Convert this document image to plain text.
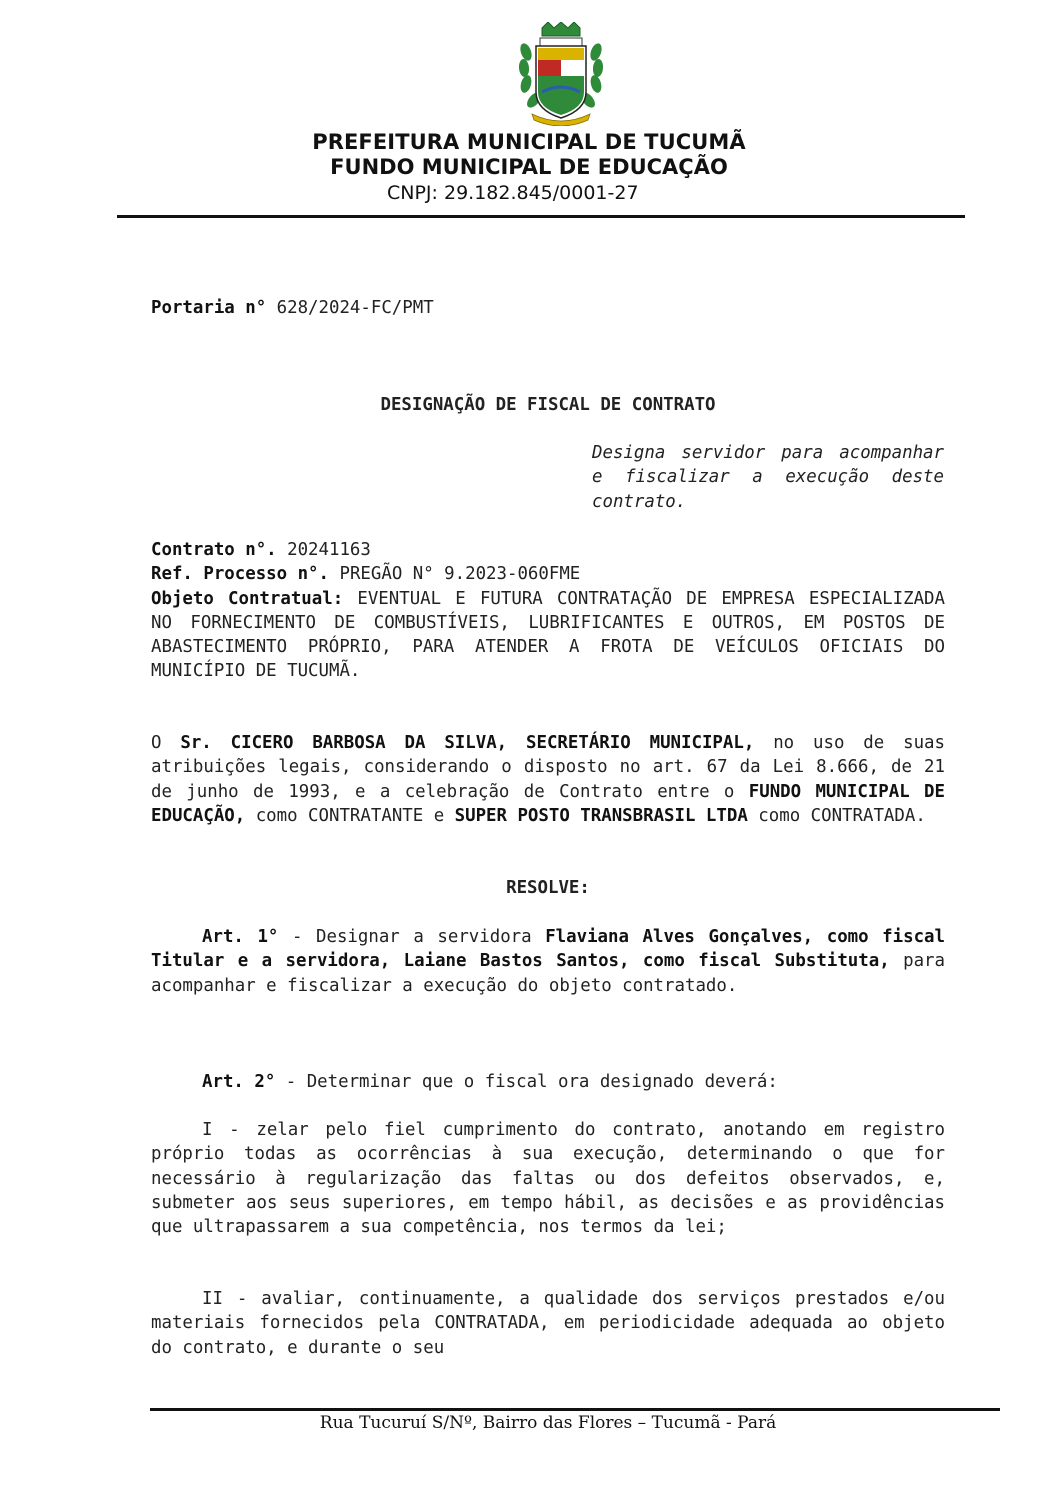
PREFEITURA MUNICIPAL DE TUCUMÃ
FUNDO MUNICIPAL DE EDUCAÇÃO
CNPJ: 29.182.845/0001-27
Portaria n° 628/2024-FC/PMT
DESIGNAÇÃO DE FISCAL DE CONTRATO
Designa servidor para acompanhar e fiscalizar a execução deste contrato.
Contrato n°. 20241163
Ref. Processo n°. PREGÃO N° 9.2023-060FME
Objeto Contratual: EVENTUAL E FUTURA CONTRATAÇÃO DE EMPRESA ESPECIALIZADA NO FORNECIMENTO DE COMBUSTÍVEIS, LUBRIFICANTES E OUTROS, EM POSTOS DE ABASTECIMENTO PRÓPRIO, PARA ATENDER A FROTA DE VEÍCULOS OFICIAIS DO MUNICÍPIO DE TUCUMÃ.
O Sr. CICERO BARBOSA DA SILVA, SECRETÁRIO MUNICIPAL, no uso de suas atribuições legais, considerando o disposto no art. 67 da Lei 8.666, de 21 de junho de 1993, e a celebração de Contrato entre o FUNDO MUNICIPAL DE EDUCAÇÃO, como CONTRATANTE e SUPER POSTO TRANSBRASIL LTDA como CONTRATADA.
RESOLVE:
Art. 1° - Designar a servidora Flaviana Alves Gonçalves, como fiscal Titular e a servidora, Laiane Bastos Santos, como fiscal Substituta, para acompanhar e fiscalizar a execução do objeto contratado.
Art. 2° - Determinar que o fiscal ora designado deverá:
I - zelar pelo fiel cumprimento do contrato, anotando em registro próprio todas as ocorrências à sua execução, determinando o que for necessário à regularização das faltas ou dos defeitos observados, e, submeter aos seus superiores, em tempo hábil, as decisões e as providências que ultrapassarem a sua competência, nos termos da lei;
II - avaliar, continuamente, a qualidade dos serviços prestados e/ou materiais fornecidos pela CONTRATADA, em periodicidade adequada ao objeto do contrato, e durante o seu
Rua Tucuruí S/Nº, Bairro das Flores – Tucumã - Pará
